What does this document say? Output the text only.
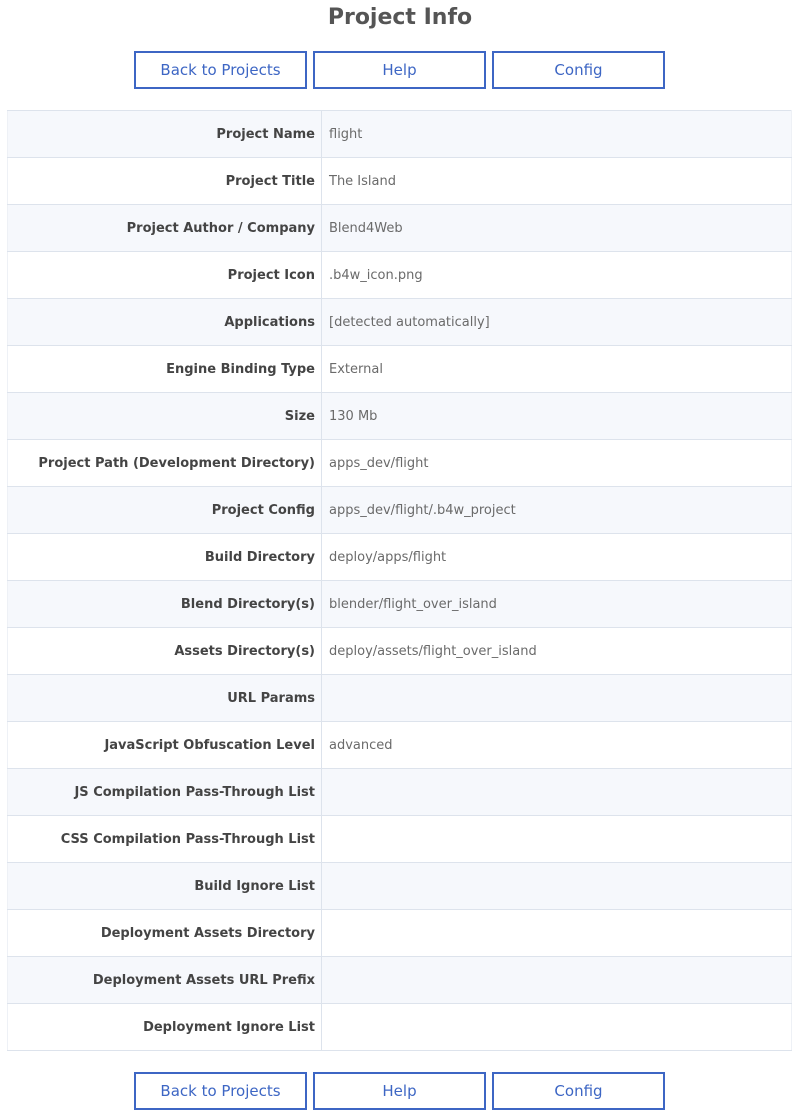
Project Info
Back to Projects	Help	Config
Project Name	flight
Project Title	The Island
Project Author / Company	Blend4Web
Project Icon	.b4w_icon.png
Applications	[detected automatically]
Engine Binding Type	External
Size	130 Mb
Project Path (Development Directory)	apps_dev/flight
Project Config	apps_dev/flight/.b4w_project
Build Directory	deploy/apps/flight
Blend Directory(s)	blender/flight_over_island
Assets Directory(s)	deploy/assets/flight_over_island
URL Params	
JavaScript Obfuscation Level	advanced
JS Compilation Pass-Through List	
CSS Compilation Pass-Through List	
Build Ignore List	
Deployment Assets Directory	
Deployment Assets URL Prefix	
Deployment Ignore List	
Back to Projects	Help	Config
